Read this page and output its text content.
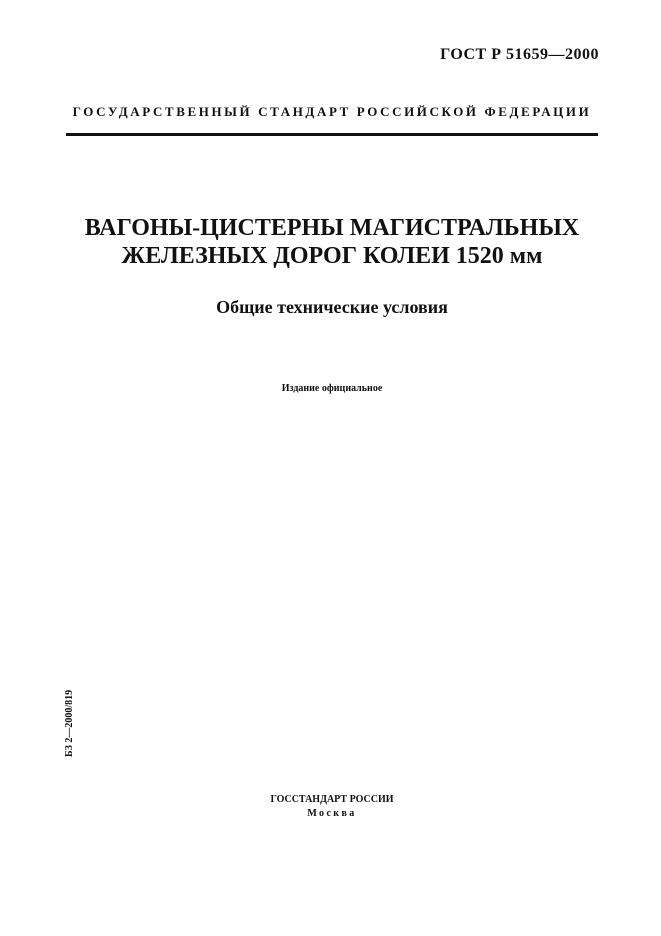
ГОСТ Р 51659—2000
ГОСУДАРСТВЕННЫЙ СТАНДАРТ РОССИЙСКОЙ ФЕДЕРАЦИИ
ВАГОНЫ-ЦИСТЕРНЫ МАГИСТРАЛЬНЫХ
ЖЕЛЕЗНЫХ ДОРОГ КОЛЕИ 1520 мм
Общие технические условия
Издание официальное
БЗ 2—2000/819
ГОССТАНДАРТ РОССИИ
Москва
